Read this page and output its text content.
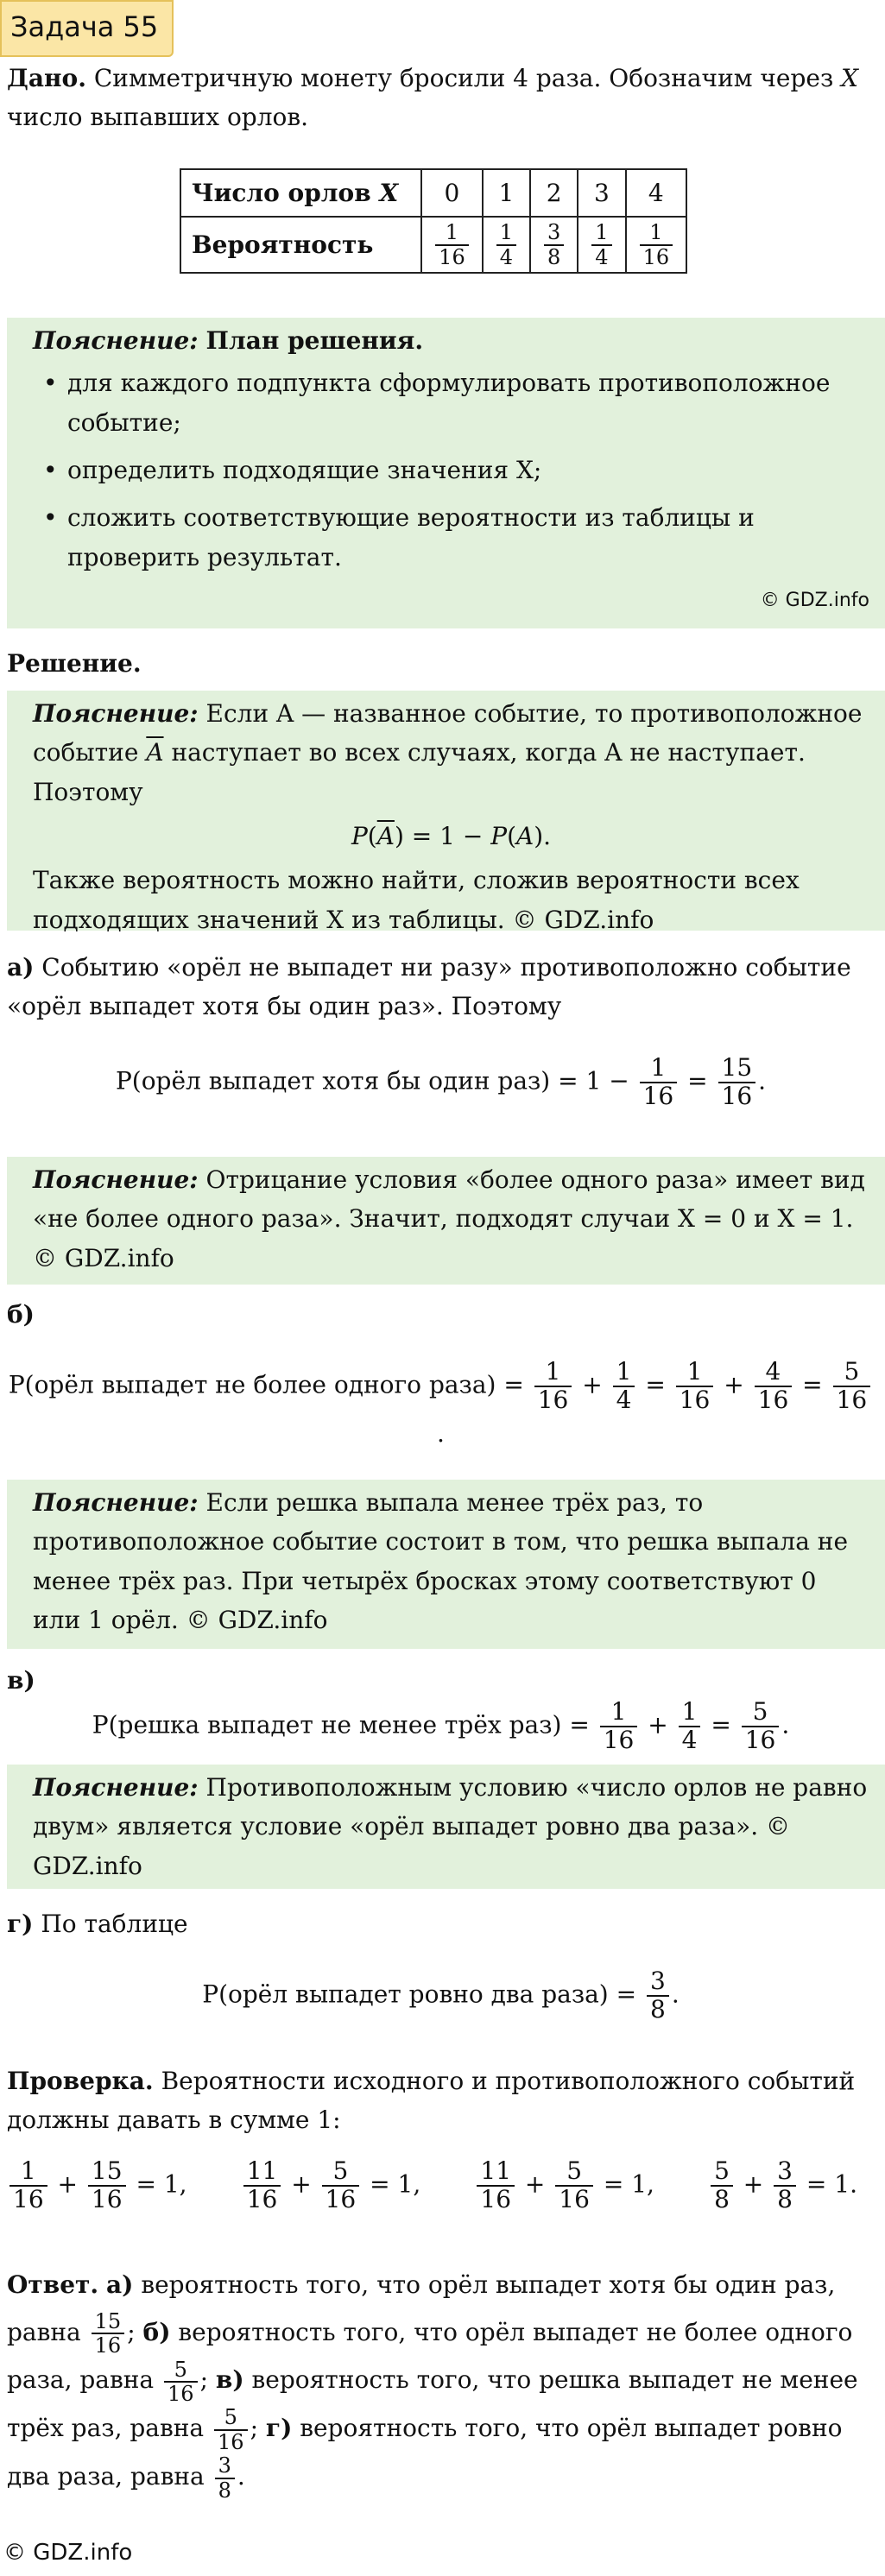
Задача 55
Дано. Симметричную монету бросили 4 раза. Обозначим через X число выпавших орлов.
Число орлов X	0	1	2	3	4
Вероятность	$\frac{1}{16}$	$\frac{1}{4}$	$\frac{3}{8}$	$\frac{1}{4}$	$\frac{1}{16}$
Пояснение: План решения.
• для каждого подпункта сформулировать противоположное событие;
• определить подходящие значения X;
• сложить соответствующие вероятности из таблицы и проверить результат.
© GDZ.info
Решение.
Пояснение: Если A — названное событие, то противоположное событие $\overline{A}$ наступает во всех случаях, когда A не наступает. Поэтому
$P(\overline{A}) = 1 - P(A)$.
Также вероятность можно найти, сложив вероятности всех подходящих значений X из таблицы. © GDZ.info
а) Событию «орёл не выпадет ни разу» противоположно событие «орёл выпадет хотя бы один раз». Поэтому
P(орёл выпадет хотя бы один $раз) = 1 - \frac{1}{16} = \frac{15}{16}$ .
Пояснение: Отрицание условия «более одного раза» имеет вид «не более одного раза». Значит, подходят случаи X = 0 и X = 1. © GDZ.info
б)
P(орёл выпадет не более одного раза) = $\frac{1}{16} + \frac{1}{4} = \frac{1}{16} + \frac{4}{16} = \frac{5}{16}$
.
Пояснение: Если решка выпала менее трёх раз, то противоположное событие состоит в том, что решка выпала не менее трёх раз. При четырёх бросках этому соответствуют 0 или 1 орёл. © GDZ.info
в)
P(решка выпадет не менее трёх $раз) = \frac{1}{16} + \frac{1}{4} = \frac{5}{16}$ .
Пояснение: Противоположным условию «число орлов не равно двум» является условие «орёл выпадет ровно два раза». © GDZ.info
г) По таблице
P(орёл выпадет ровно два раза) = $\frac{3}{8}$ .
Проверка. Вероятности исходного и противоположного событий должны давать в сумме 1:
$\frac{1}{16} + \frac{15}{16} = 1$, $\frac{11}{16} + \frac{5}{16} = 1$, $\frac{11}{16} + \frac{5}{16} = 1$, $\frac{5}{8} + \frac{3}{8} = 1$.
Ответ. а) вероятность того, что орёл выпадет хотя бы один раз, равна $\frac{15}{16}$ ; б) вероятность того, что орёл выпадет не более одного раза, равна $\frac{5}{16}$ ; в) вероятность того, что решка выпадет не менее трёх раз, равна $\frac{5}{16}$ ; г) вероятность того, что орёл выпадет ровно два раза, равна $\frac{3}{8}$ .
© GDZ.info
